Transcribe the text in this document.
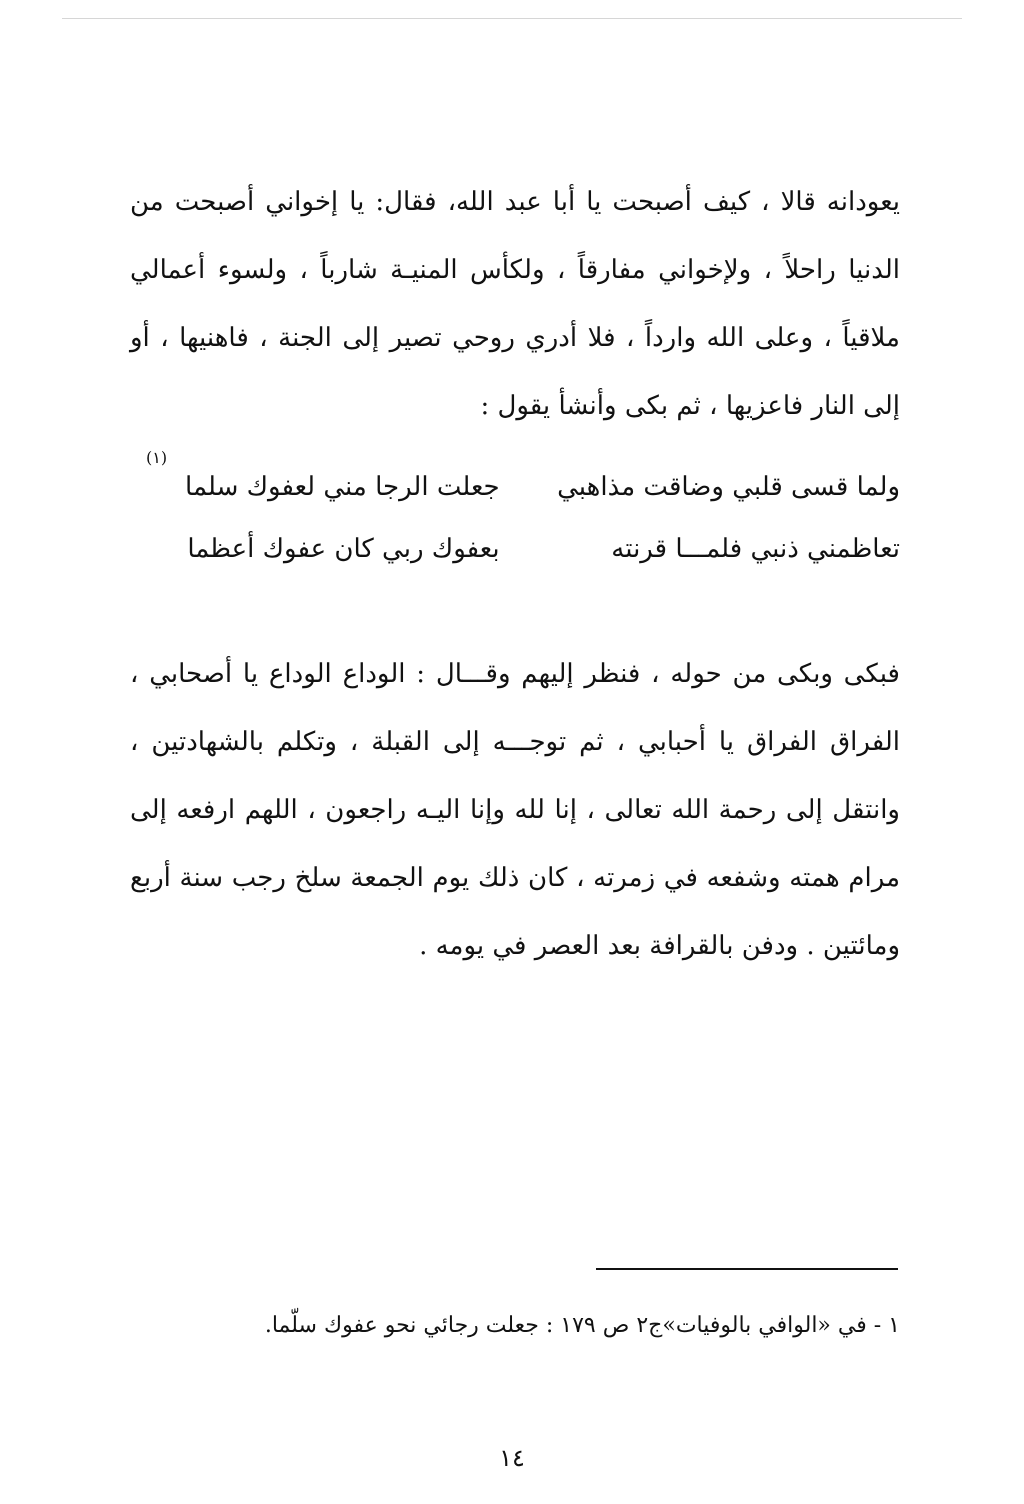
يعودانه قالا ، كيف أصبحت يا أبا عبد الله، فقال: يا إخواني أصبحت من الدنيا راحلاً ، ولإخواني مفارقاً ، ولكأس المنيـة شارباً ، ولسوء أعمالي ملاقياً ، وعلى الله وارداً ، فلا أدري روحي تصير إلى الجنة ، فاهنيها ، أو إلى النار فاعزيها ، ثم بكى وأنشأ يقول :

(١)
ولما قسى قلبي وضاقت مذاهبي
جعلت الرجا مني لعفوك سلما
تعاظمني ذنبي فلمـــا قرنته
بعفوك ربي كان عفوك أعظما

فبكى وبكى من حوله ، فنظر إليهم وقـــال : الوداع الوداع يا أصحابي ، الفراق الفراق يا أحبابي ، ثم توجـــه إلى القبلة ، وتكلم بالشهادتين ، وانتقل إلى رحمة الله تعالى ، إنا لله وإنا اليـه راجعون ، اللهم ارفعه إلى مرام همته وشفعه في زمرته ، كان ذلك يوم الجمعة سلخ رجب سنة أربع ومائتين . ودفن بالقرافة بعد العصر في يومه .

١ - في «الوافي بالوفيات»ج٢ ص ١٧٩ : جعلت رجائي نحو عفوك سلّما.
١٤
